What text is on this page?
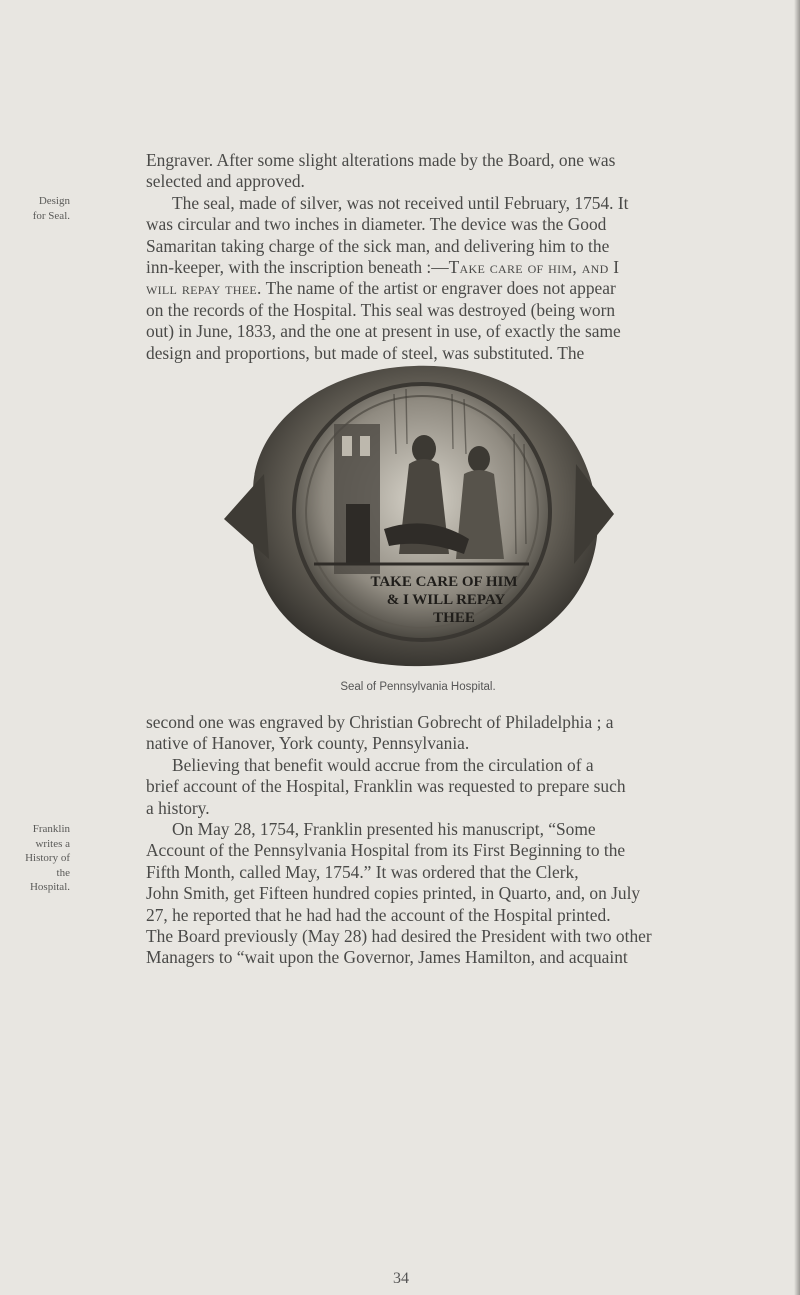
Engraver. After some slight alterations made by the Board, one was

selected and approved.

The seal, made of silver, was not received until February, 1754. It

was circular and two inches in diameter. The device was the Good

Samaritan taking charge of the sick man, and delivering him to the

inn-keeper, with the inscription beneath :—Take care of him, and I

will repay thee. The name of the artist or engraver does not appear

on the records of the Hospital. This seal was destroyed (being worn

out) in June, 1833, and the one at present in use, of exactly the same

design and proportions, but made of steel, was substituted. The

Design
for Seal.
TAKE CARE OF HIM
& I WILL REPAY
THEE
Seal of Pennsylvania Hospital.

second one was engraved by Christian Gobrecht of Philadelphia ; a

native of Hanover, York county, Pennsylvania.

Believing that benefit would accrue from the circulation of a

brief account of the Hospital, Franklin was requested to prepare such

a history.

On May 28, 1754, Franklin presented his manuscript, “Some

Account of the Pennsylvania Hospital from its First Beginning to the

Fifth Month, called May, 1754.” It was ordered that the Clerk,

John Smith, get Fifteen hundred copies printed, in Quarto, and, on July

27, he reported that he had had the account of the Hospital printed.

The Board previously (May 28) had desired the President with two other

Managers to “wait upon the Governor, James Hamilton, and acquaint

Franklin
writes a
History of
the Hospital.
34
